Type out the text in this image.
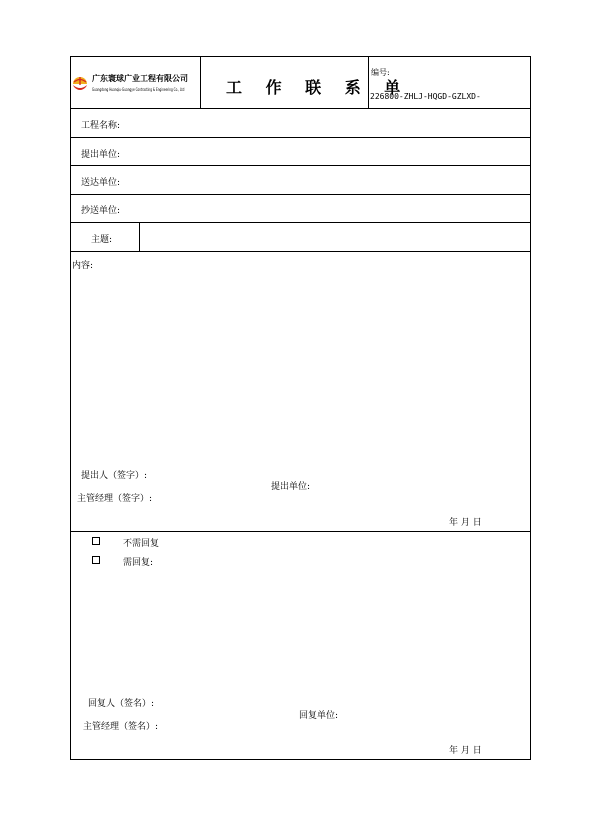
广东寰球广业工程有限公司
Guangdong Huanqiu-Guangye Contracting & Engineering Co., Ltd	工 作 联 系 单
编号:
226800-ZHLJ-HQGD-GZLXD-
工程名称:
提出单位:
送达单位:
抄送单位:
主题:
内容:
提出人（签字）:
主管经理（签字）:
提出单位:
年 月 日
不需回复
需回复:
回复人（签名）:
主管经理（签名）:
回复单位:
年 月 日
